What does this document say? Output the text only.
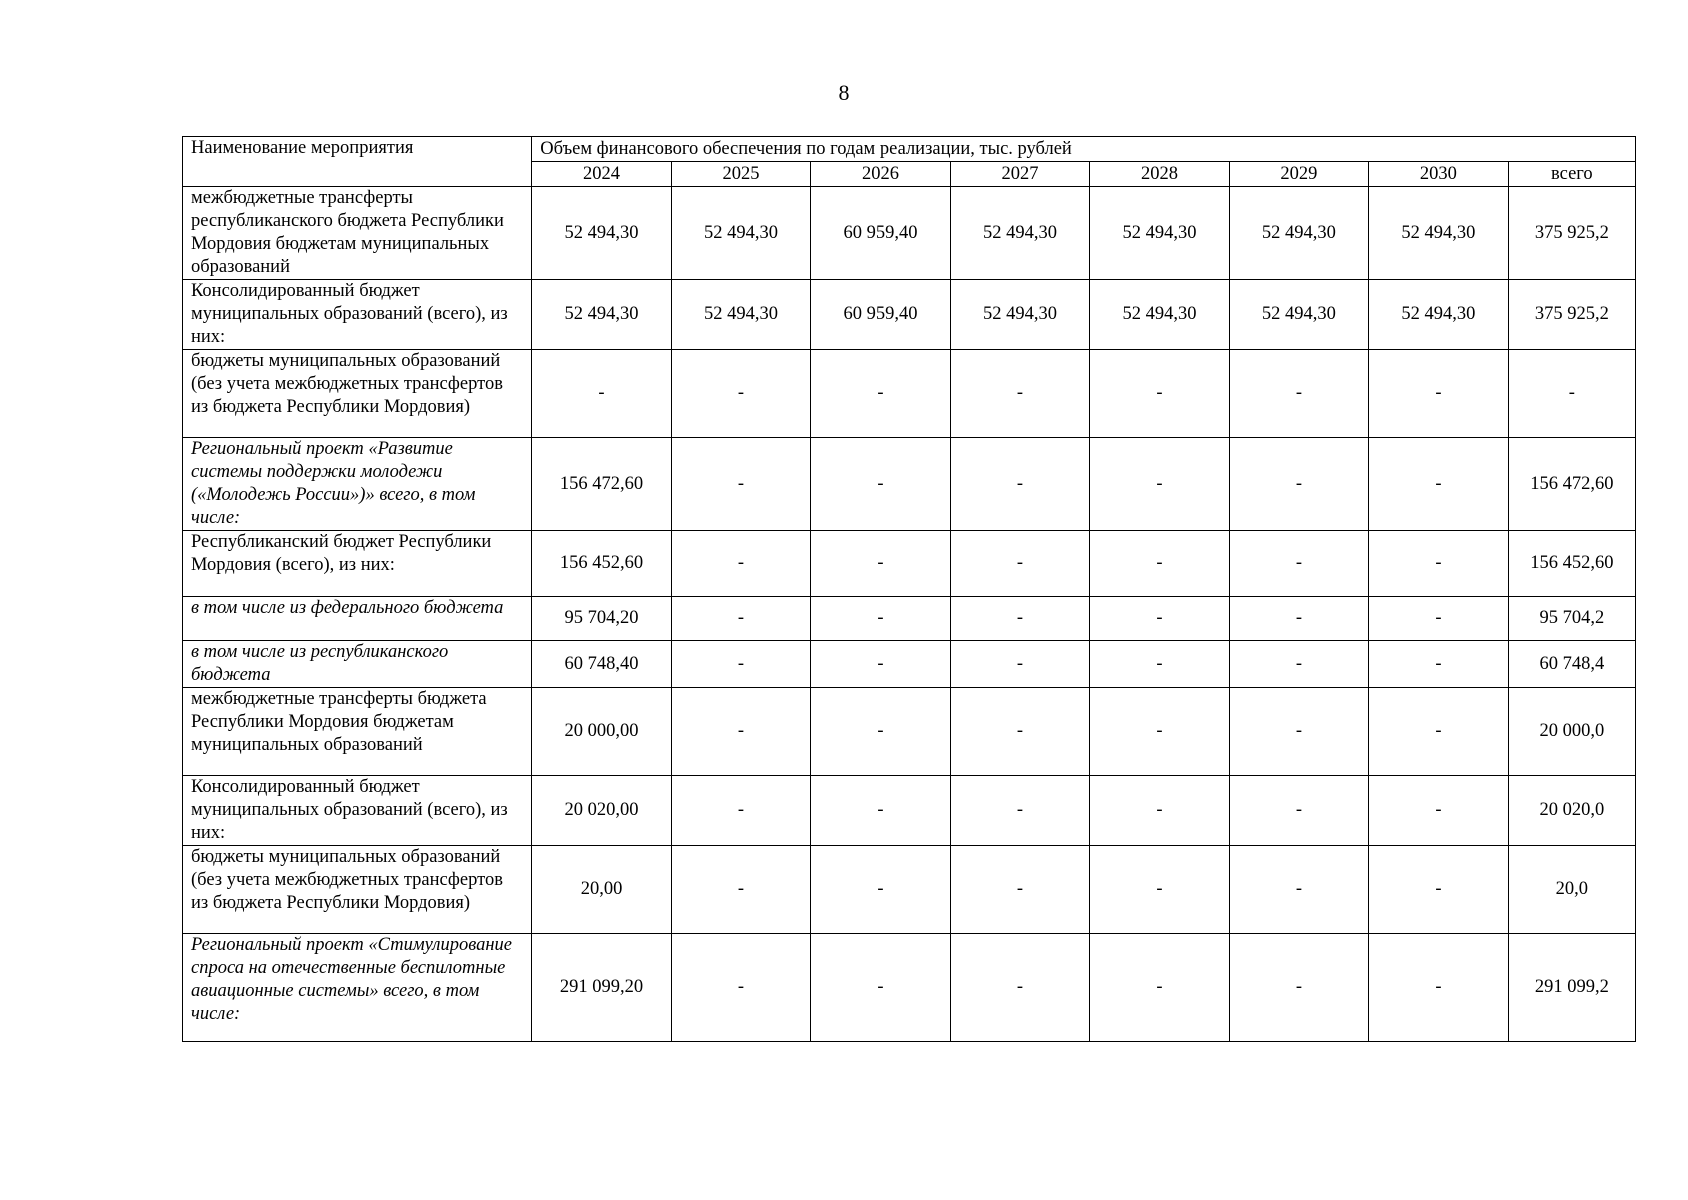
8
Наименование мероприятия	Объем финансового обеспечения по годам реализации, тыс. рублей							
	2024	2025	2026	2027	2028	2029	2030	всего
межбюджетные трансферты республиканского бюджета Республики Мордовия бюджетам муниципальных образований	52 494,30	52 494,30	60 959,40	52 494,30	52 494,30	52 494,30	52 494,30	375 925,2
Консолидированный бюджет муниципальных образований (всего), из них:	52 494,30	52 494,30	60 959,40	52 494,30	52 494,30	52 494,30	52 494,30	375 925,2
бюджеты муниципальных образований (без учета межбюджетных трансфертов из бюджета Республики Мордовия)	-	-	-	-	-	-	-	-
Региональный проект «Развитие системы поддержки молодежи («Молодежь России»)» всего, в том числе:	156 472,60	-	-	-	-	-	-	156 472,60
Республиканский бюджет Республики Мордовия (всего), из них:	156 452,60	-	-	-	-	-	-	156 452,60
в том числе из федерального бюджета	95 704,20	-	-	-	-	-	-	95 704,2
в том числе из республиканского бюджета	60 748,40	-	-	-	-	-	-	60 748,4
межбюджетные трансферты бюджета Республики Мордовия бюджетам муниципальных образований	20 000,00	-	-	-	-	-	-	20 000,0
Консолидированный бюджет муниципальных образований (всего), из них:	20 020,00	-	-	-	-	-	-	20 020,0
бюджеты муниципальных образований (без учета межбюджетных трансфертов из бюджета Республики Мордовия)	20,00	-	-	-	-	-	-	20,0
Региональный проект «Стимулирование спроса на отечественные беспилотные авиационные системы» всего, в том числе:	291 099,20	-	-	-	-	-	-	291 099,2
